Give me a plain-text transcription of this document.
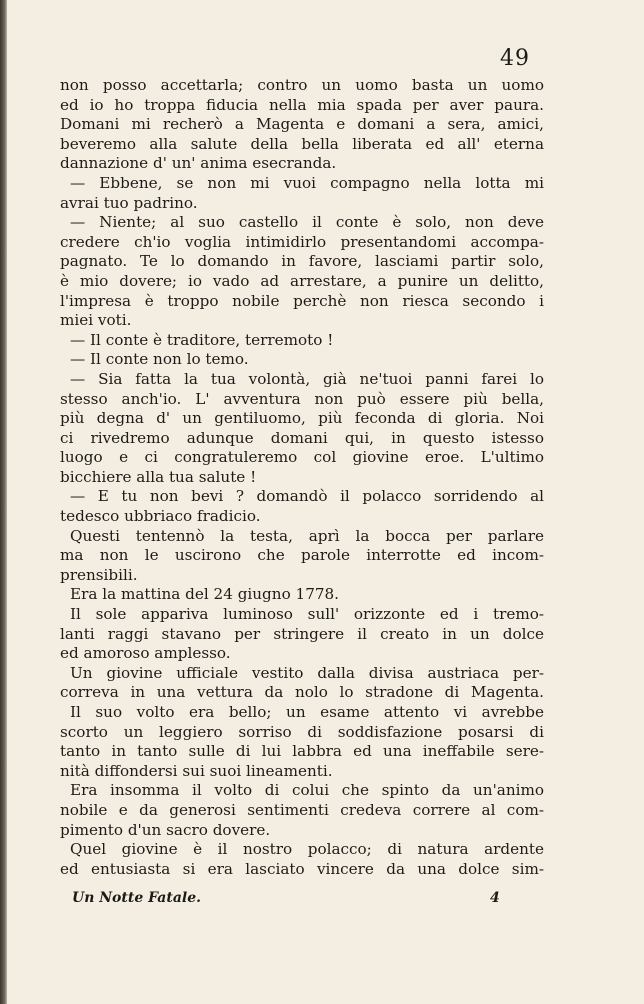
49

non posso accettarla; contro un uomo basta un uomo

ed io ho troppa fiducia nella mia spada per aver paura.

Domani mi recherò a Magenta e domani a sera, amici,

beveremo alla salute della bella liberata ed all' eterna

dannazione d' un' anima esecranda.

— Ebbene, se non mi vuoi compagno nella lotta mi

avrai tuo padrino.

— Niente; al suo castello il conte è solo, non deve

credere ch'io voglia intimidirlo presentandomi accompa-

pagnato. Te lo domando in favore, lasciami partir solo,

è mio dovere; io vado ad arrestare, a punire un delitto,

l'impresa è troppo nobile perchè non riesca secondo i

miei voti.

— Il conte è traditore, terremoto !

— Il conte non lo temo.

— Sia fatta la tua volontà, già ne'tuoi panni farei lo

stesso anch'io. L' avventura non può essere più bella,

più degna d' un gentiluomo, più feconda di gloria. Noi

ci rivedremo adunque domani qui, in questo istesso

luogo e ci congratuleremo col giovine eroe. L'ultimo

bicchiere alla tua salute !

— E tu non bevi ? domandò il polacco sorridendo al

tedesco ubbriaco fradicio.

Questi tentennò la testa, aprì la bocca per parlare

ma non le uscirono che parole interrotte ed incom-

prensibili.

Era la mattina del 24 giugno 1778.

Il sole appariva luminoso sull' orizzonte ed i tremo-

lanti raggi stavano per stringere il creato in un dolce

ed amoroso amplesso.

Un giovine ufficiale vestito dalla divisa austriaca per-

correva in una vettura da nolo lo stradone di Magenta.

Il suo volto era bello; un esame attento vi avrebbe

scorto un leggiero sorriso di soddisfazione posarsi di

tanto in tanto sulle di lui labbra ed una ineffabile sere-

nità diffondersi sui suoi lineamenti.

Era insomma il volto di colui che spinto da un'animo

nobile e da generosi sentimenti credeva correre al com-

pimento d'un sacro dovere.

Quel giovine è il nostro polacco; di natura ardente

ed entusiasta si era lasciato vincere da una dolce sim-

Un Notte Fatale.	4
